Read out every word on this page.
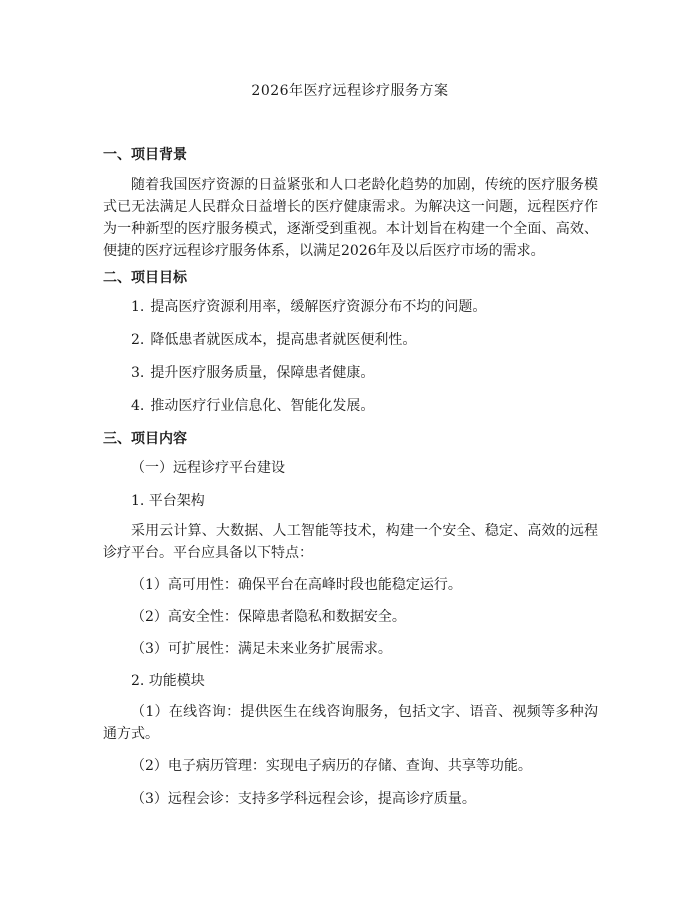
2026年医疗远程诊疗服务方案
一、项目背景
随着我国医疗资源的日益紧张和人口老龄化趋势的加剧，传统的医疗服务模式已无法满足人民群众日益增长的医疗健康需求。为解决这一问题，远程医疗作为一种新型的医疗服务模式，逐渐受到重视。本计划旨在构建一个全面、高效、便捷的医疗远程诊疗服务体系，以满足2026年及以后医疗市场的需求。
二、项目目标
1. 提高医疗资源利用率，缓解医疗资源分布不均的问题。
2. 降低患者就医成本，提高患者就医便利性。
3. 提升医疗服务质量，保障患者健康。
4. 推动医疗行业信息化、智能化发展。
三、项目内容
（一）远程诊疗平台建设
1. 平台架构
采用云计算、大数据、人工智能等技术，构建一个安全、稳定、高效的远程诊疗平台。平台应具备以下特点：
（1）高可用性：确保平台在高峰时段也能稳定运行。
（2）高安全性：保障患者隐私和数据安全。
（3）可扩展性：满足未来业务扩展需求。
2. 功能模块
（1）在线咨询：提供医生在线咨询服务，包括文字、语音、视频等多种沟通方式。
（2）电子病历管理：实现电子病历的存储、查询、共享等功能。
（3）远程会诊：支持多学科远程会诊，提高诊疗质量。
